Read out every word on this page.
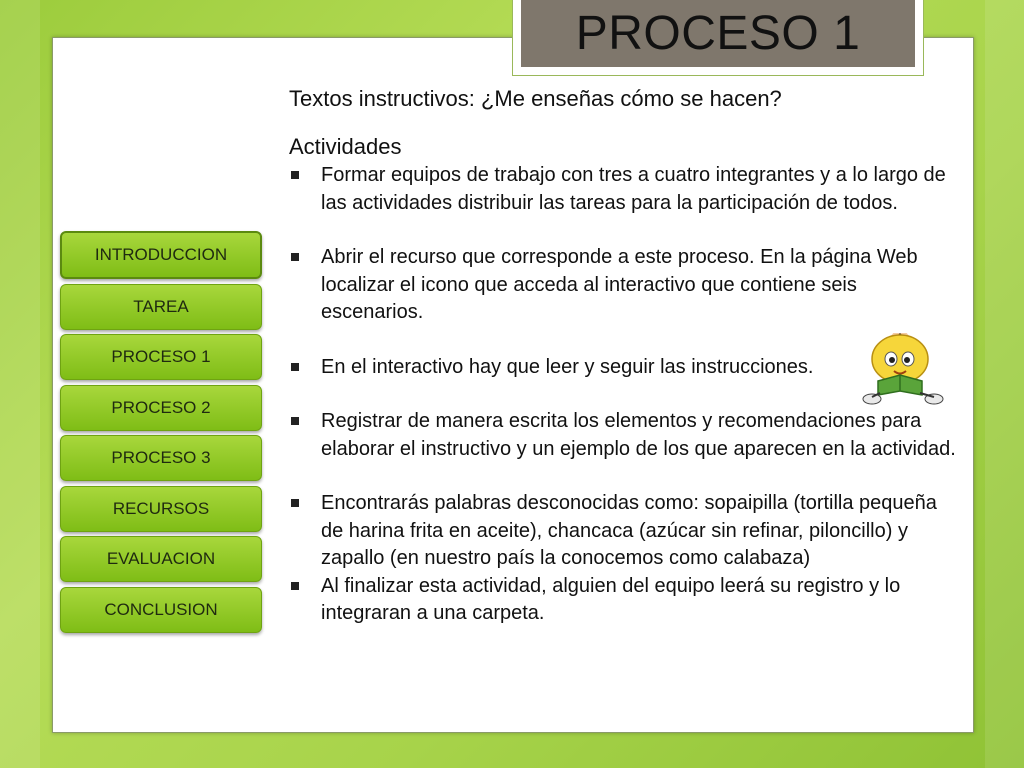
PROCESO 1
INTRODUCCION
TAREA
PROCESO 1
PROCESO 2
PROCESO 3
RECURSOS
EVALUACION
CONCLUSION
Textos instructivos: ¿Me enseñas cómo se hacen?
Actividades
Formar equipos de trabajo con tres a cuatro integrantes y a lo largo de las actividades distribuir las tareas para la participación de todos.
Abrir el recurso que corresponde a este proceso. En la página Web localizar el icono que acceda al interactivo que contiene seis escenarios.
En el interactivo hay que leer y seguir las instrucciones.
Registrar de manera escrita los elementos y recomendaciones para elaborar el instructivo y un ejemplo de los que aparecen en la actividad.
Encontrarás palabras desconocidas como: sopaipilla (tortilla pequeña de harina frita en aceite), chancaca (azúcar sin refinar, piloncillo) y zapallo (en nuestro país la conocemos como calabaza)
Al finalizar esta actividad, alguien del equipo leerá su registro y lo integraran a una carpeta.
